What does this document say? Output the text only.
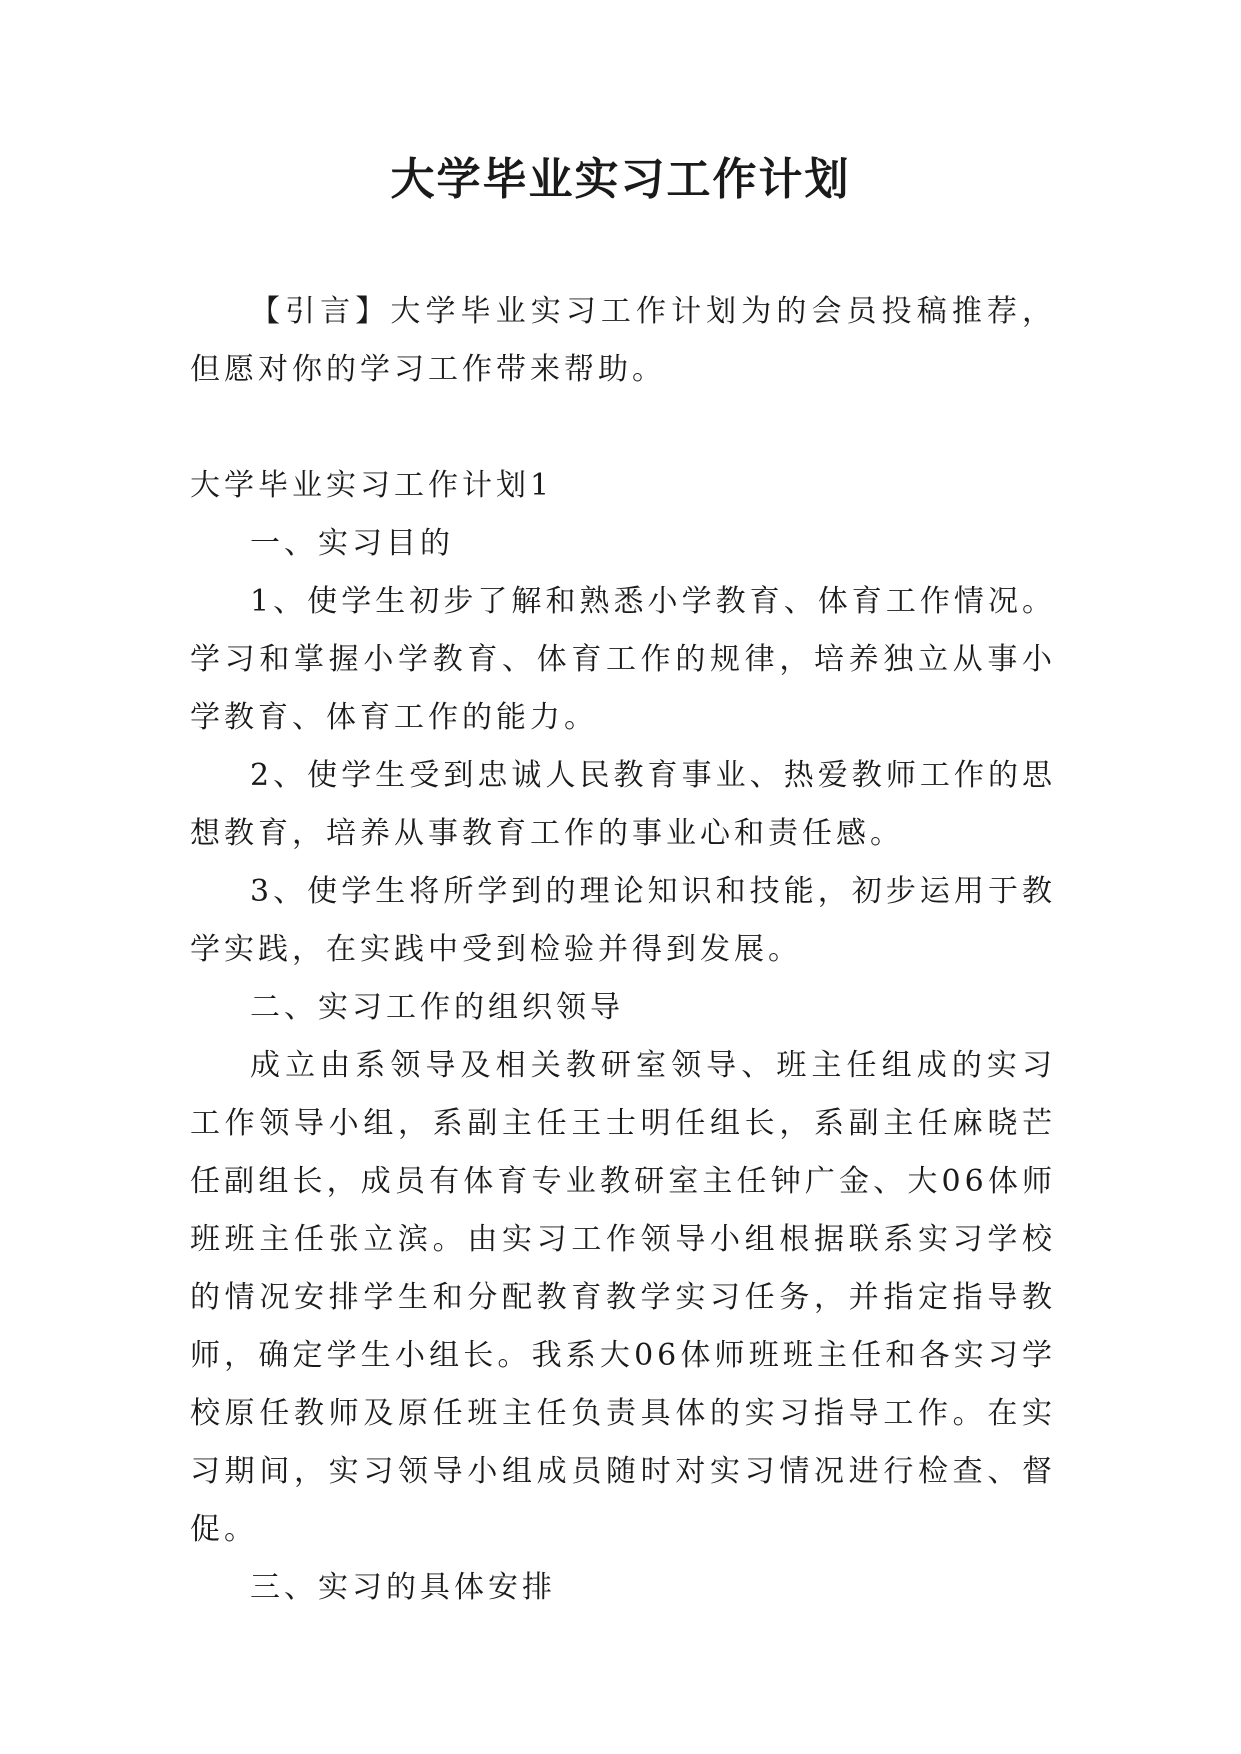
大学毕业实习工作计划

【引言】大学毕业实习工作计划为的会员投稿推荐，但愿对你的学习工作带来帮助。

大学毕业实习工作计划1

一、实习目的

1、使学生初步了解和熟悉小学教育、体育工作情况。学习和掌握小学教育、体育工作的规律，培养独立从事小学教育、体育工作的能力。

2、使学生受到忠诚人民教育事业、热爱教师工作的思想教育，培养从事教育工作的事业心和责任感。

3、使学生将所学到的理论知识和技能，初步运用于教学实践，在实践中受到检验并得到发展。

二、实习工作的组织领导

成立由系领导及相关教研室领导、班主任组成的实习工作领导小组，系副主任王士明任组长，系副主任麻晓芒任副组长，成员有体育专业教研室主任钟广金、大06体师班班主任张立滨。由实习工作领导小组根据联系实习学校的情况安排学生和分配教育教学实习任务，并指定指导教师，确定学生小组长。我系大06体师班班主任和各实习学校原任教师及原任班主任负责具体的实习指导工作。在实习期间，实习领导小组成员随时对实习情况进行检查、督促。

三、实习的具体安排
